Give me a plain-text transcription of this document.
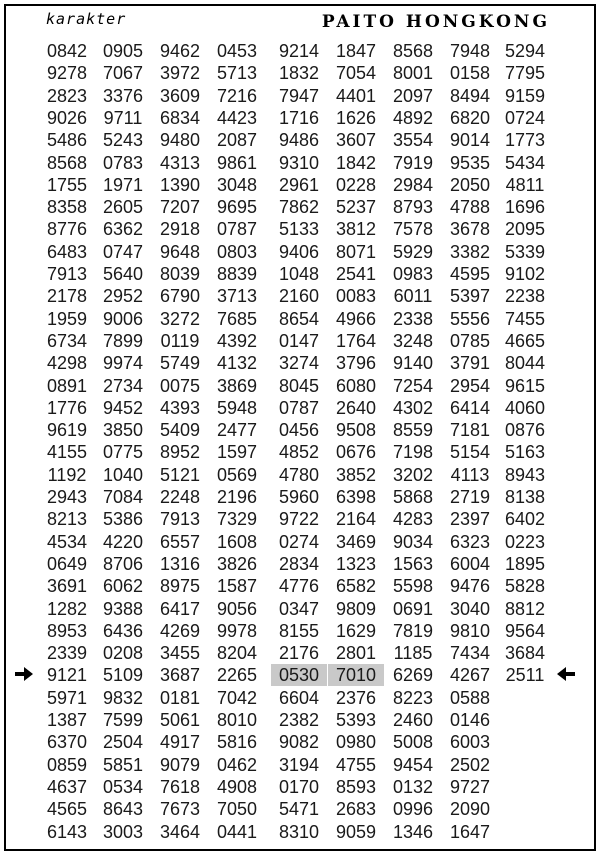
karakter	PAITO HONGKONG
0842 0905 9462 0453	9214 1847 8568 7948 5294
9278 7067 3972 5713	1832 7054 8001 0158 7795
2823 3376 3609 7216	7947 4401 2097 8494 9159
9026 9711 6834 4423	1716 1626 4892 6820 0724
5486 5243 9480 2087	9486 3607 3554 9014 1773
8568 0783 4313 9861	9310 1842 7919 9535 5434
1755 1971 1390 3048	2961 0228 2984 2050 4811
8358 2605 7207 9695	7862 5237 8793 4788 1696
8776 6362 2918 0787	5133 3812 7578 3678 2095
6483 0747 9648 0803	9406 8071 5929 3382 5339
7913 5640 8039 8839	1048 2541 0983 4595 9102
2178 2952 6790 3713	2160 0083 6011 5397 2238
1959 9006 3272 7685	8654 4966 2338 5556 7455
6734 7899 0119 4392	0147 1764 3248 0785 4665
4298 9974 5749 4132	3274 3796 9140 3791 8044
0891 2734 0075 3869	8045 6080 7254 2954 9615
1776 9452 4393 5948	0787 2640 4302 6414 4060
9619 3850 5409 2477	0456 9508 8559 7181 0876
4155 0775 8952 1597	4852 0676 7198 5154 5163
1192 1040 5121 0569	4780 3852 3202 4113 8943
2943 7084 2248 2196	5960 6398 5868 2719 8138
8213 5386 7913 7329	9722 2164 4283 2397 6402
4534 4220 6557 1608	0274 3469 9034 6323 0223
0649 8706 1316 3826	2834 1323 1563 6004 1895
3691 6062 8975 1587	4776 6582 5598 9476 5828
1282 9388 6417 9056	0347 9809 0691 3040 8812
8953 6436 4269 9978	8155 1629 7819 9810 9564
2339 0208 3455 8204	2176 2801 1185 7434 3684
9121 5109 3687 2265	0530 7010 6269 4267 2511
5971 9832 0181 7042	6604 2376 8223 0588
1387 7599 5061 8010	2382 5393 2460 0146
6370 2504 4917 5816	9082 0980 5008 6003
0859 5851 9079 0462	3194 4755 9454 2502
4637 0534 7618 4908	0170 8593 0132 9727
4565 8643 7673 7050	5471 2683 0996 2090
6143 3003 3464 0441	8310 9059 1346 1647
